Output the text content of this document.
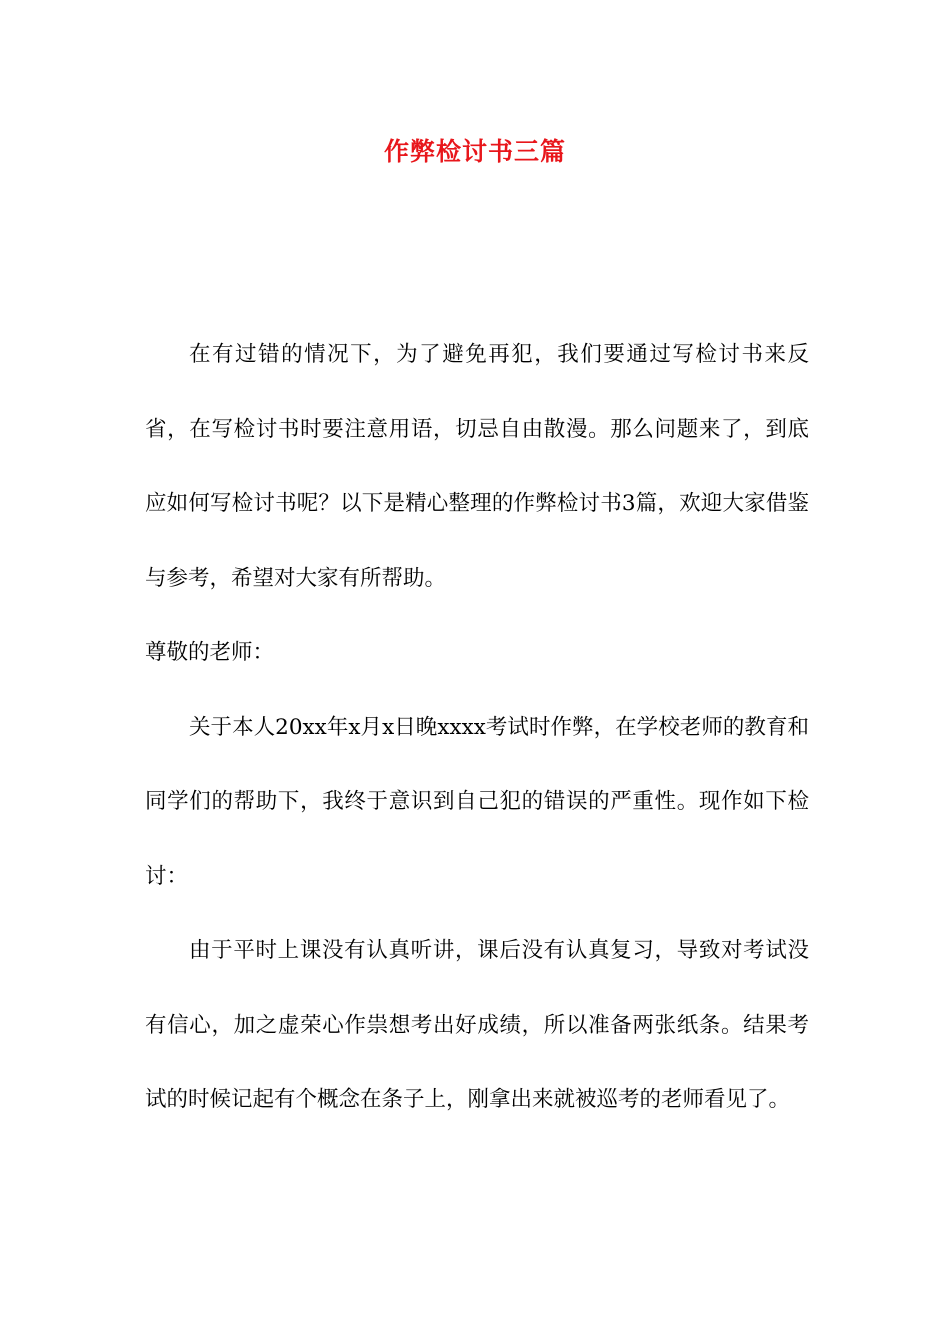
作弊检讨书三篇

在有过错的情况下，为了避免再犯，我们要通过写检讨书来反省，在写检讨书时要注意用语，切忌自由散漫。那么问题来了，到底应如何写检讨书呢？以下是精心整理的作弊检讨书3篇，欢迎大家借鉴与参考，希望对大家有所帮助。

尊敬的老师：

关于本人20xx年x月x日晚xxxx考试时作弊，在学校老师的教育和同学们的帮助下，我终于意识到自己犯的错误的严重性。现作如下检讨：

由于平时上课没有认真听讲，课后没有认真复习，导致对考试没有信心，加之虚荣心作祟想考出好成绩，所以准备两张纸条。结果考试的时候记起有个概念在条子上，刚拿出来就被巡考的老师看见了。
